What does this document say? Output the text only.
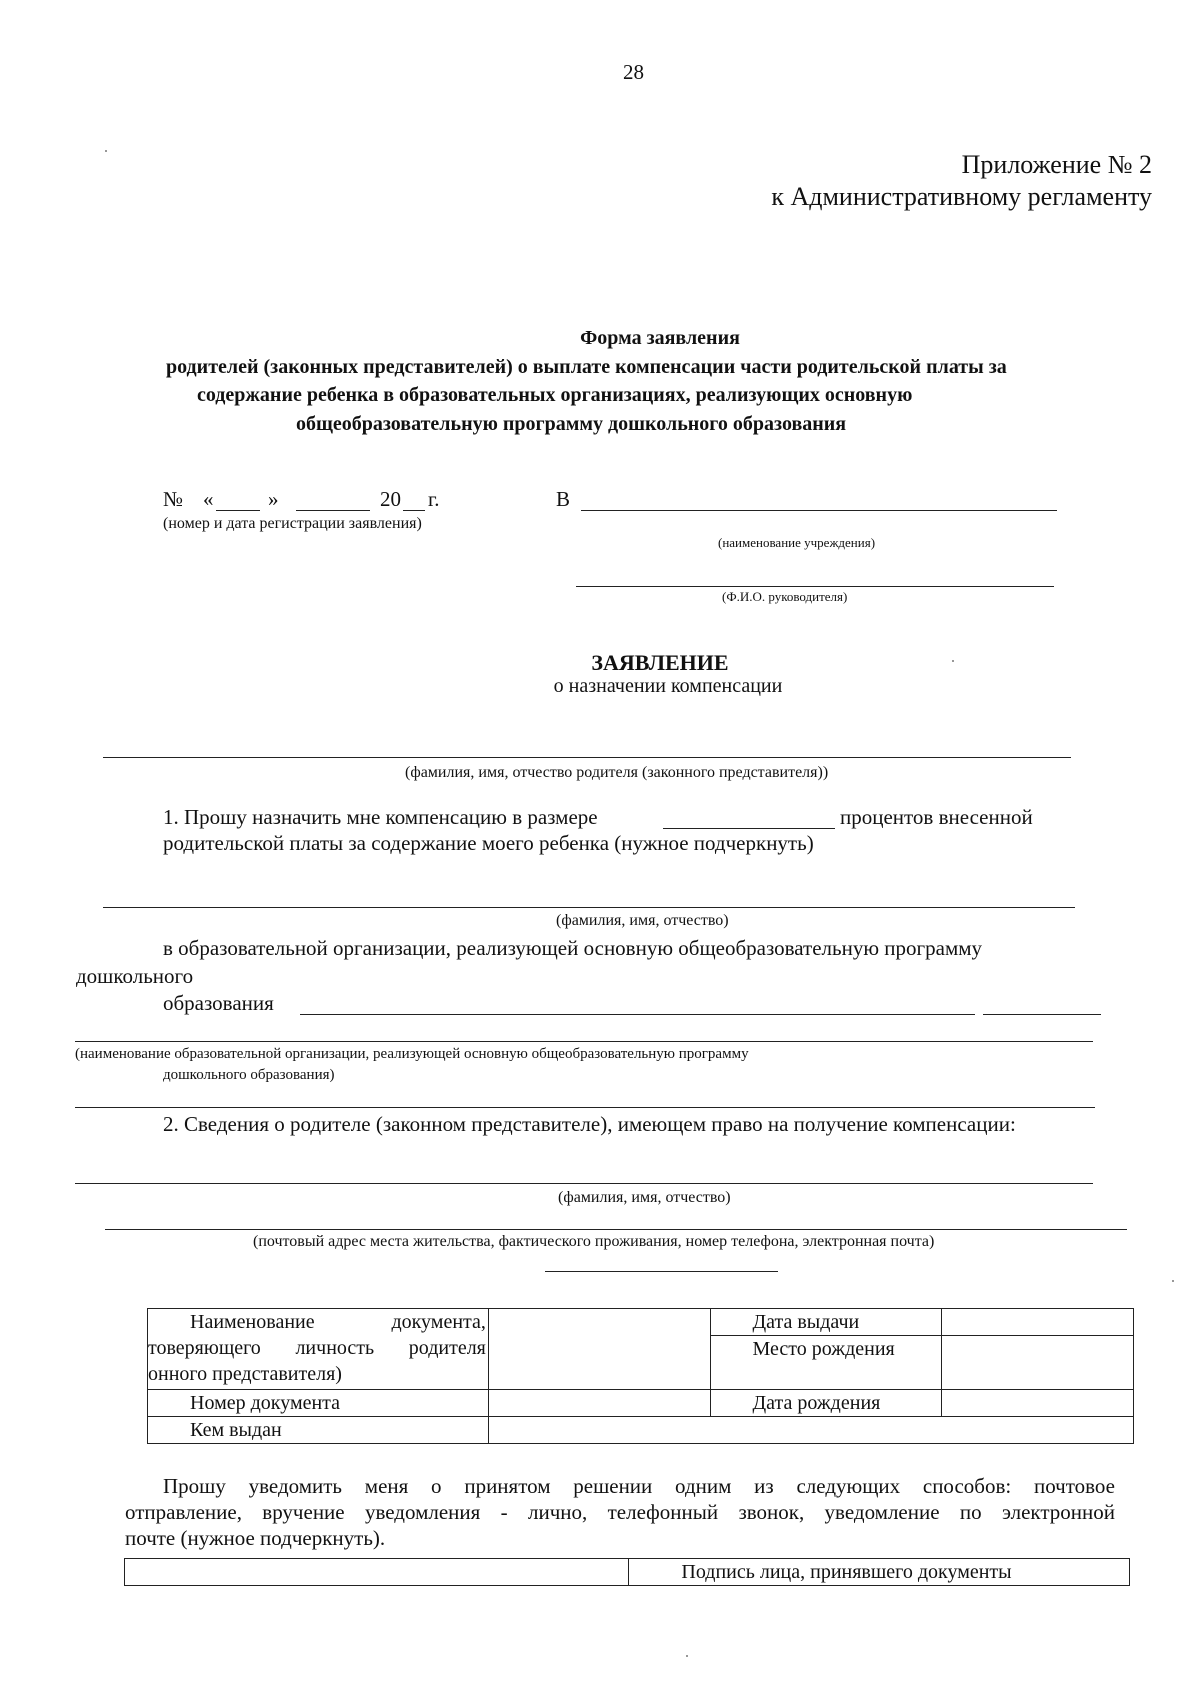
28
Приложение № 2
к Административному регламенту
Форма заявления
родителей (законных представителей) о выплате компенсации части родительской платы за
содержание ребенка в образовательных организациях, реализующих основную
общеобразовательную программу дошкольного образования
№ «	»	20 г.
(номер и дата регистрации заявления)
В
(наименование учреждения)
(Ф.И.О. руководителя)
ЗАЯВЛЕНИЕ
о назначении компенсации
(фамилия, имя, отчество родителя (законного представителя))
1. Прошу назначить мне компенсацию в размере	процентов внесенной
родительской платы за содержание моего ребенка (нужное подчеркнуть)
(фамилия, имя, отчество)
в образовательной организации, реализующей основную общеобразовательную программу
дошкольного
образования
(наименование образовательной организации, реализующей основную общеобразовательную программу
дошкольного образования)
2. Сведения о родителе (законном представителе), имеющем право на получение компенсации:
(фамилия, имя, отчество)
(почтовый адрес места жительства, фактического проживания, номер телефона, электронная почта)
Наименование документа,
товеряющего личность родителя
онного представителя)		Дата выдачи	
		Место рождения	
Номер документа		Дата рождения	
Кем выдан			
Прошу уведомить меня о принятом решении одним из следующих способов: почтовое
отправление, вручение уведомления - лично, телефонный звонок, уведомление по электронной
почте (нужное подчеркнуть).
	Подпись лица, принявшего документы
